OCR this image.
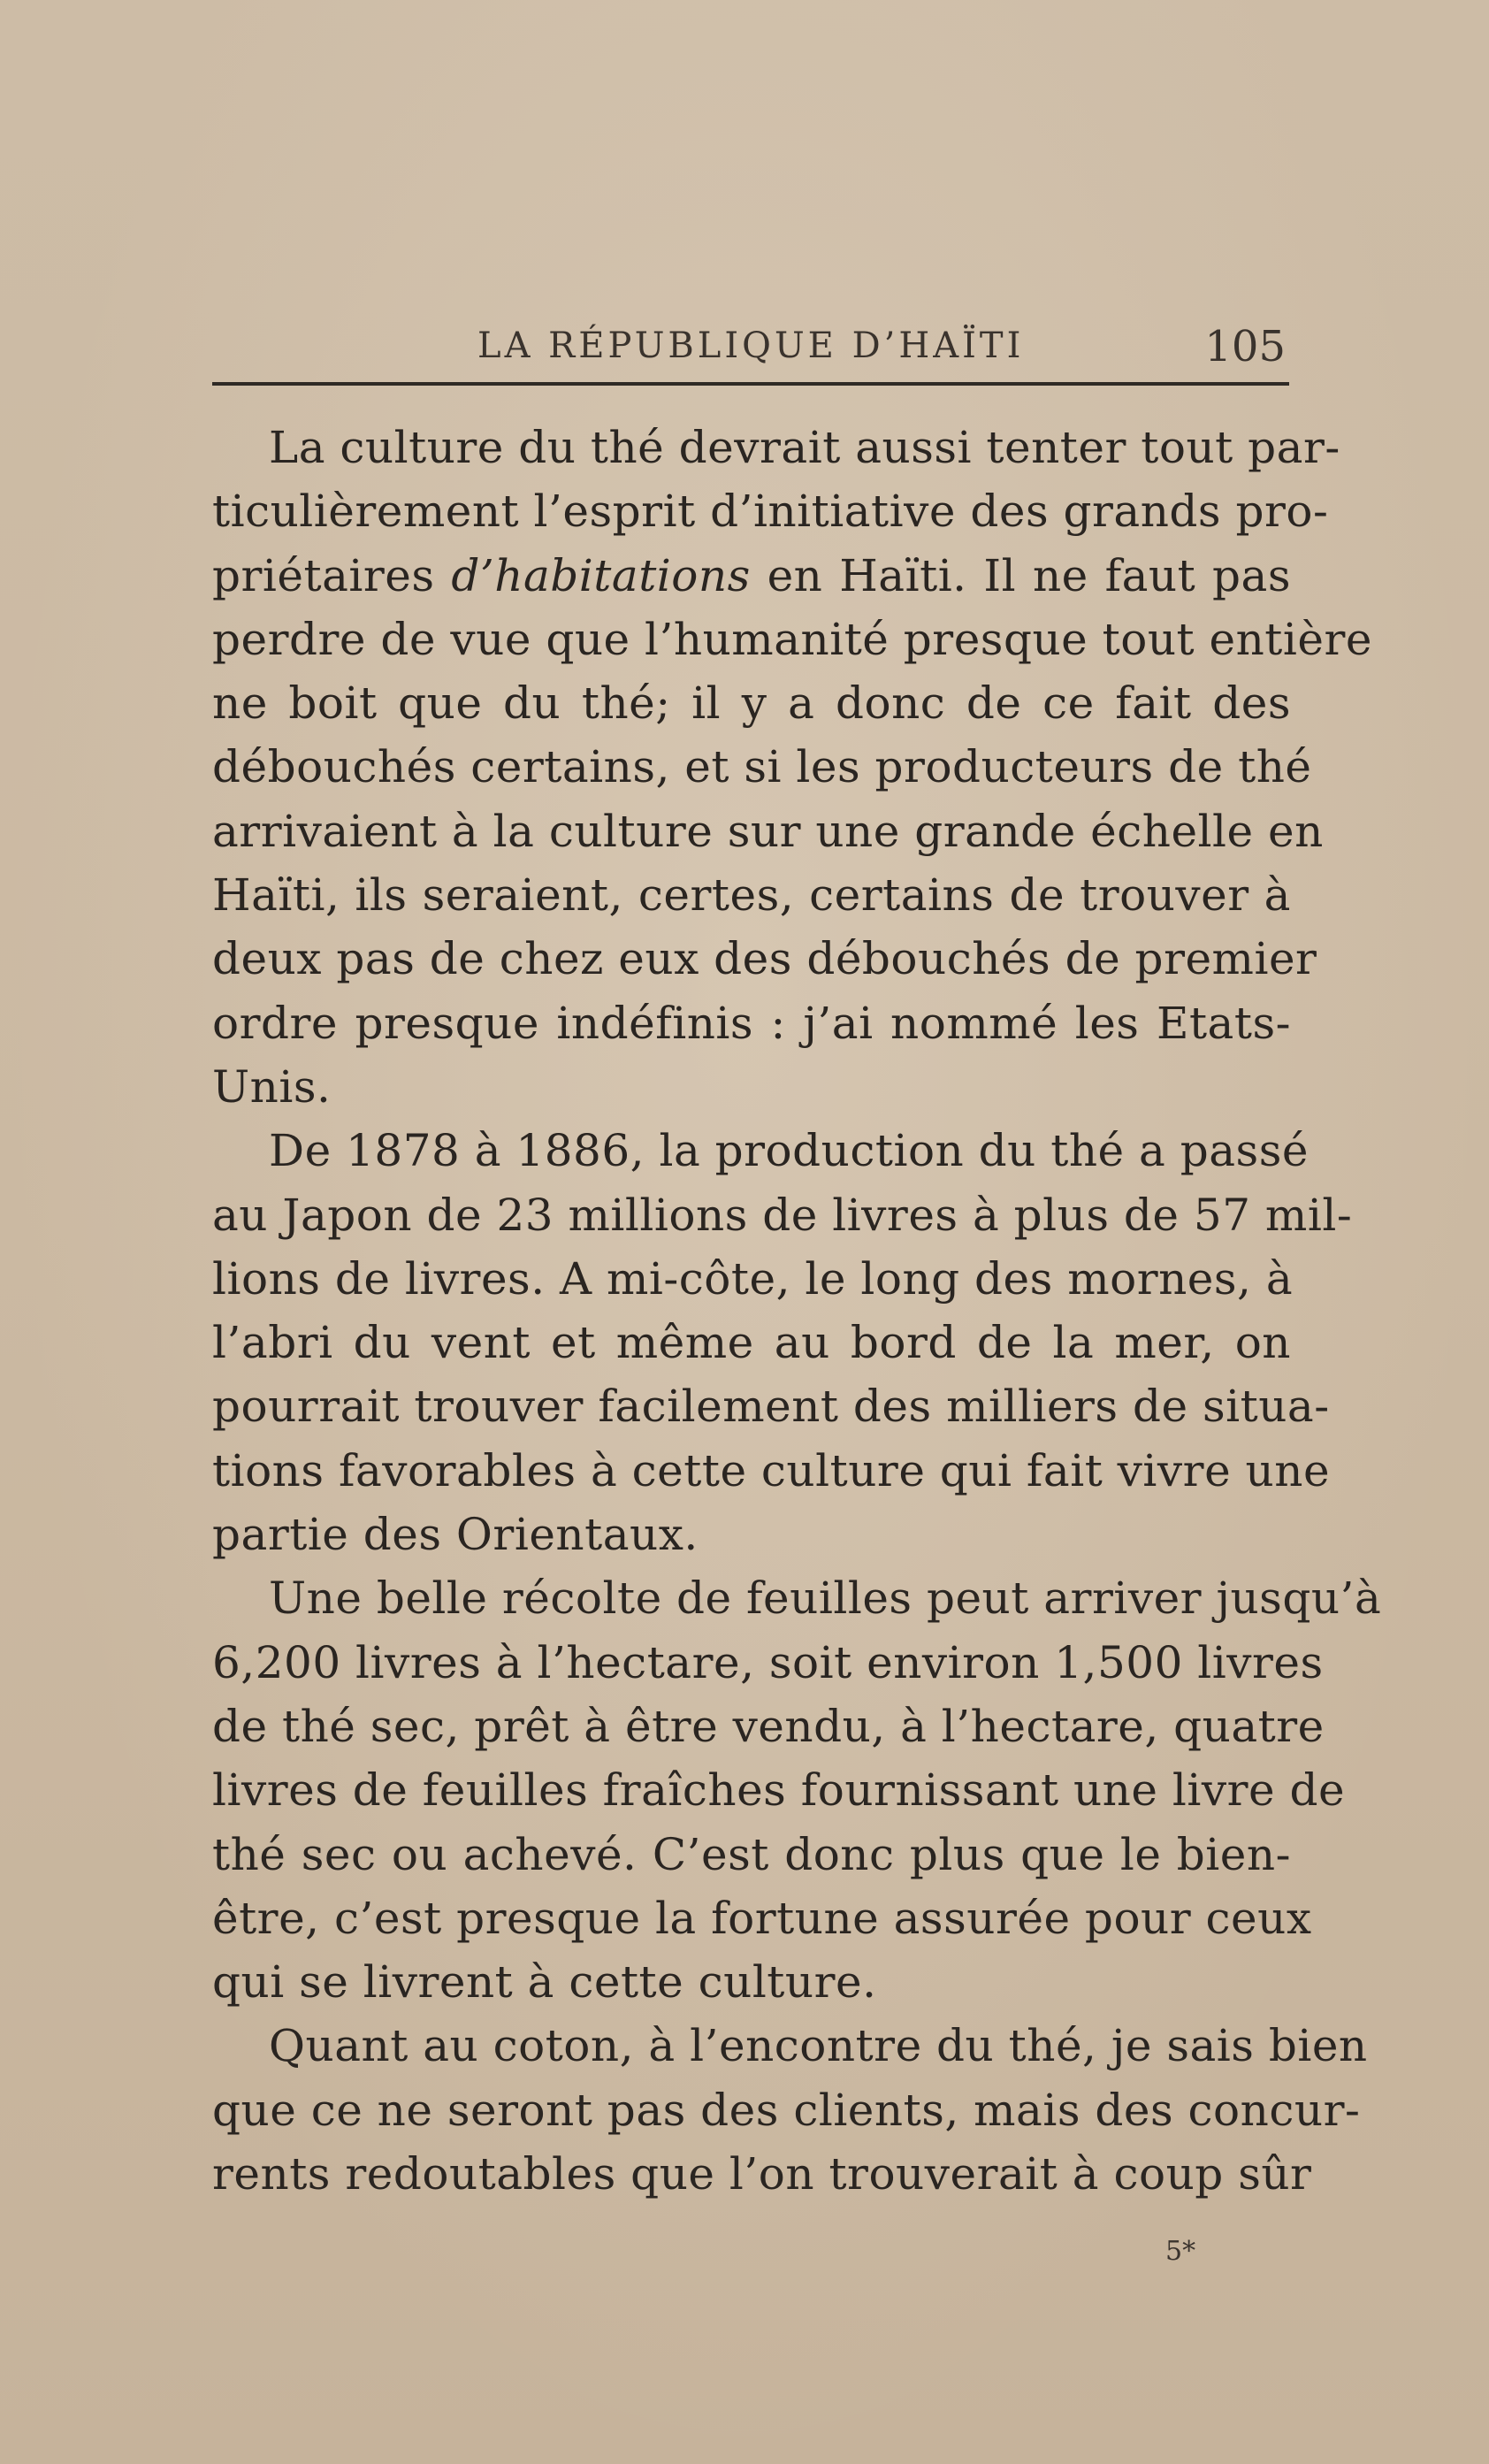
LA RÉPUBLIQUE D’HAÏTI	105
La culture du thé devrait aussi tenter tout par-
ticulièrement l’esprit d’initiative des grands pro-
priétaires d’habitations en Haïti. Il ne faut pas
perdre de vue que l’humanité presque tout entière
ne boit que du thé; il y a donc de ce fait des
débouchés certains, et si les producteurs de thé
arrivaient à la culture sur une grande échelle en
Haïti, ils seraient, certes, certains de trouver à
deux pas de chez eux des débouchés de premier
ordre presque indéfinis : j’ai nommé les Etats-
Unis.
De 1878 à 1886, la production du thé a passé
au Japon de 23 millions de livres à plus de 57 mil-
lions de livres. A mi-côte, le long des mornes, à
l’abri du vent et même au bord de la mer, on
pourrait trouver facilement des milliers de situa-
tions favorables à cette culture qui fait vivre une
partie des Orientaux.
Une belle récolte de feuilles peut arriver jusqu’à
6,200 livres à l’hectare, soit environ 1,500 livres
de thé sec, prêt à être vendu, à l’hectare, quatre
livres de feuilles fraîches fournissant une livre de
thé sec ou achevé. C’est donc plus que le bien-
être, c’est presque la fortune assurée pour ceux
qui se livrent à cette culture.
Quant au coton, à l’encontre du thé, je sais bien
que ce ne seront pas des clients, mais des concur-
rents redoutables que l’on trouverait à coup sûr
5*
